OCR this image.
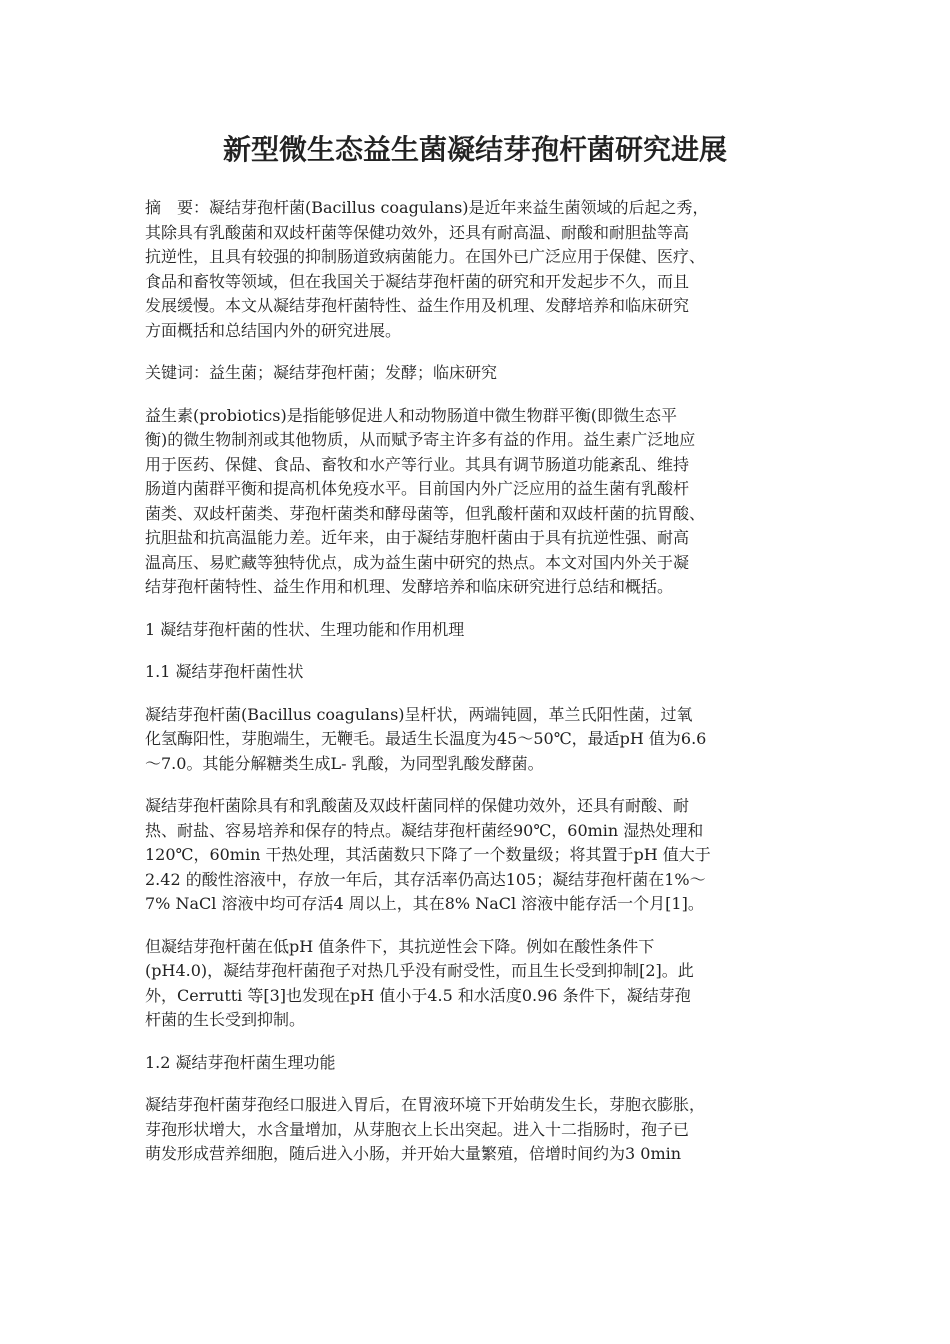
新型微生态益生菌凝结芽孢杆菌研究进展

摘　要：凝结芽孢杆菌(Bacillus coagulans)是近年来益生菌领域的后起之秀，
其除具有乳酸菌和双歧杆菌等保健功效外，还具有耐高温、耐酸和耐胆盐等高
抗逆性，且具有较强的抑制肠道致病菌能力。在国外已广泛应用于保健、医疗、
食品和畜牧等领域，但在我国关于凝结芽孢杆菌的研究和开发起步不久，而且
发展缓慢。本文从凝结芽孢杆菌特性、益生作用及机理、发酵培养和临床研究
方面概括和总结国内外的研究进展。

关键词：益生菌；凝结芽孢杆菌；发酵；临床研究

益生素(probiotics)是指能够促进人和动物肠道中微生物群平衡(即微生态平
衡)的微生物制剂或其他物质，从而赋予寄主许多有益的作用。益生素广泛地应
用于医药、保健、食品、畜牧和水产等行业。其具有调节肠道功能紊乱、维持
肠道内菌群平衡和提高机体免疫水平。目前国内外广泛应用的益生菌有乳酸杆
菌类、双歧杆菌类、芽孢杆菌类和酵母菌等，但乳酸杆菌和双歧杆菌的抗胃酸、
抗胆盐和抗高温能力差。近年来，由于凝结芽胞杆菌由于具有抗逆性强、耐高
温高压、易贮藏等独特优点，成为益生菌中研究的热点。本文对国内外关于凝
结芽孢杆菌特性、益生作用和机理、发酵培养和临床研究进行总结和概括。

1 凝结芽孢杆菌的性状、生理功能和作用机理

1.1 凝结芽孢杆菌性状

凝结芽孢杆菌(Bacillus coagulans)呈杆状，两端钝圆，革兰氏阳性菌，过氧
化氢酶阳性，芽胞端生，无鞭毛。最适生长温度为45～50℃，最适pH 值为6.6
～7.0。其能分解糖类生成L- 乳酸，为同型乳酸发酵菌。

凝结芽孢杆菌除具有和乳酸菌及双歧杆菌同样的保健功效外，还具有耐酸、耐
热、耐盐、容易培养和保存的特点。凝结芽孢杆菌经90℃，60min 湿热处理和
120℃，60min 干热处理，其活菌数只下降了一个数量级；将其置于pH 值大于
2.42 的酸性溶液中，存放一年后，其存活率仍高达105；凝结芽孢杆菌在1%～
7% NaCl 溶液中均可存活4 周以上，其在8% NaCl 溶液中能存活一个月[1]。

但凝结芽孢杆菌在低pH 值条件下，其抗逆性会下降。例如在酸性条件下
(pH4.0)，凝结芽孢杆菌孢子对热几乎没有耐受性，而且生长受到抑制[2]。此
外，Cerrutti 等[3]也发现在pH 值小于4.5 和水活度0.96 条件下，凝结芽孢
杆菌的生长受到抑制。

1.2 凝结芽孢杆菌生理功能

凝结芽孢杆菌芽孢经口服进入胃后，在胃液环境下开始萌发生长，芽胞衣膨胀，
芽孢形状增大，水含量增加，从芽胞衣上长出突起。进入十二指肠时，孢子已
萌发形成营养细胞，随后进入小肠，并开始大量繁殖，倍增时间约为3 0min
